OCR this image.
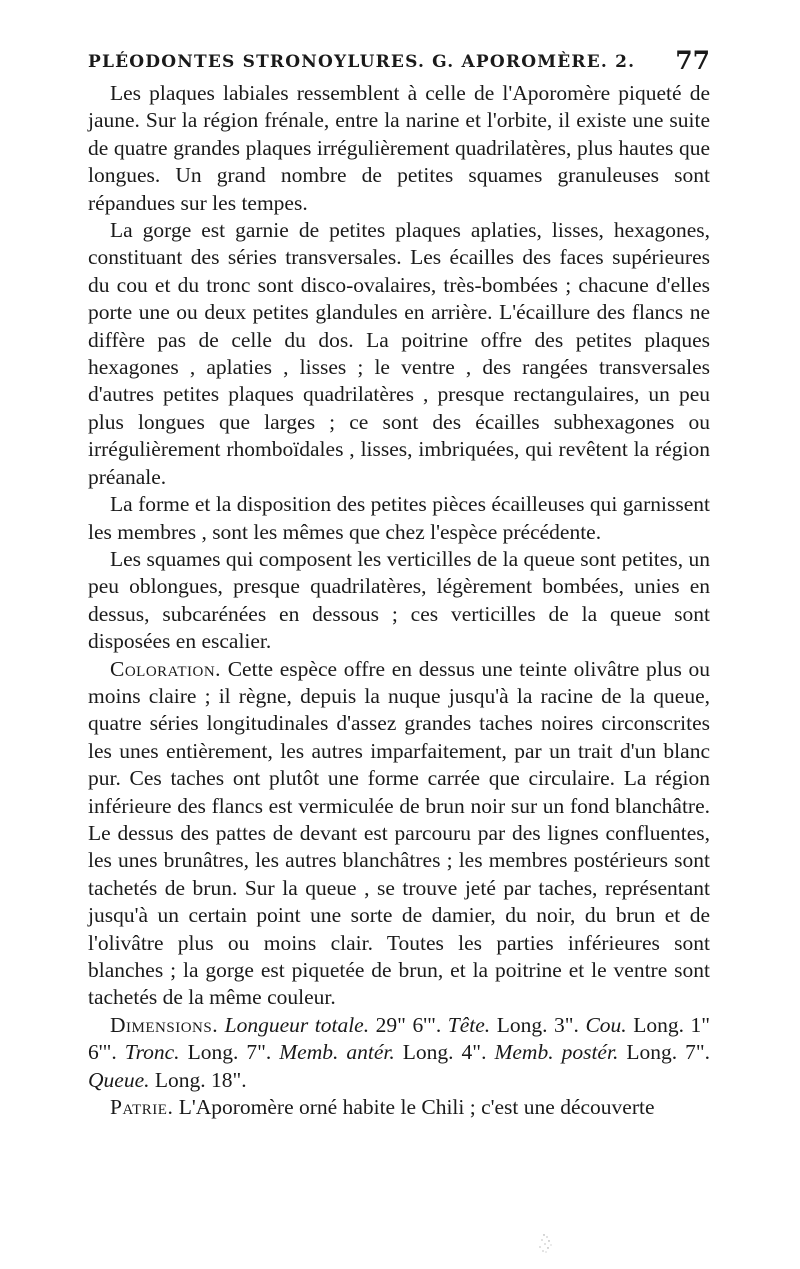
PLÉODONTES STRONOYLURES. G. APOROMÈRE. 2. 77

Les plaques labiales ressemblent à celle de l'Aporomère piqueté de jaune. Sur la région frénale, entre la narine et l'orbite, il existe une suite de quatre grandes plaques irrégulièrement quadrilatères, plus hautes que longues. Un grand nombre de petites squames granuleuses sont répandues sur les tempes.

La gorge est garnie de petites plaques aplaties, lisses, hexagones, constituant des séries transversales. Les écailles des faces supérieures du cou et du tronc sont disco-ovalaires, très-bombées ; chacune d'elles porte une ou deux petites glandules en arrière. L'écaillure des flancs ne diffère pas de celle du dos. La poitrine offre des petites plaques hexagones , aplaties , lisses ; le ventre , des rangées transversales d'autres petites plaques quadrilatères , presque rectangulaires, un peu plus longues que larges ; ce sont des écailles subhexagones ou irrégulièrement rhomboïdales , lisses, imbriquées, qui revêtent la région préanale.

La forme et la disposition des petites pièces écailleuses qui garnissent les membres , sont les mêmes que chez l'espèce précédente.

Les squames qui composent les verticilles de la queue sont petites, un peu oblongues, presque quadrilatères, légèrement bombées, unies en dessus, subcarénées en dessous ; ces verticilles de la queue sont disposées en escalier.

Coloration. Cette espèce offre en dessus une teinte olivâtre plus ou moins claire ; il règne, depuis la nuque jusqu'à la racine de la queue, quatre séries longitudinales d'assez grandes taches noires circonscrites les unes entièrement, les autres imparfaitement, par un trait d'un blanc pur. Ces taches ont plutôt une forme carrée que circulaire. La région inférieure des flancs est vermiculée de brun noir sur un fond blanchâtre. Le dessus des pattes de devant est parcouru par des lignes confluentes, les unes brunâtres, les autres blanchâtres ; les membres postérieurs sont tachetés de brun. Sur la queue , se trouve jeté par taches, représentant jusqu'à un certain point une sorte de damier, du noir, du brun et de l'olivâtre plus ou moins clair. Toutes les parties inférieures sont blanches ; la gorge est piquetée de brun, et la poitrine et le ventre sont tachetés de la même couleur.

Dimensions. Longueur totale. 29" 6'". Tête. Long. 3". Cou. Long. 1" 6'". Tronc. Long. 7". Memb. antér. Long. 4". Memb. postér. Long. 7". Queue. Long. 18".

Patrie. L'Aporomère orné habite le Chili ; c'est une découverte
